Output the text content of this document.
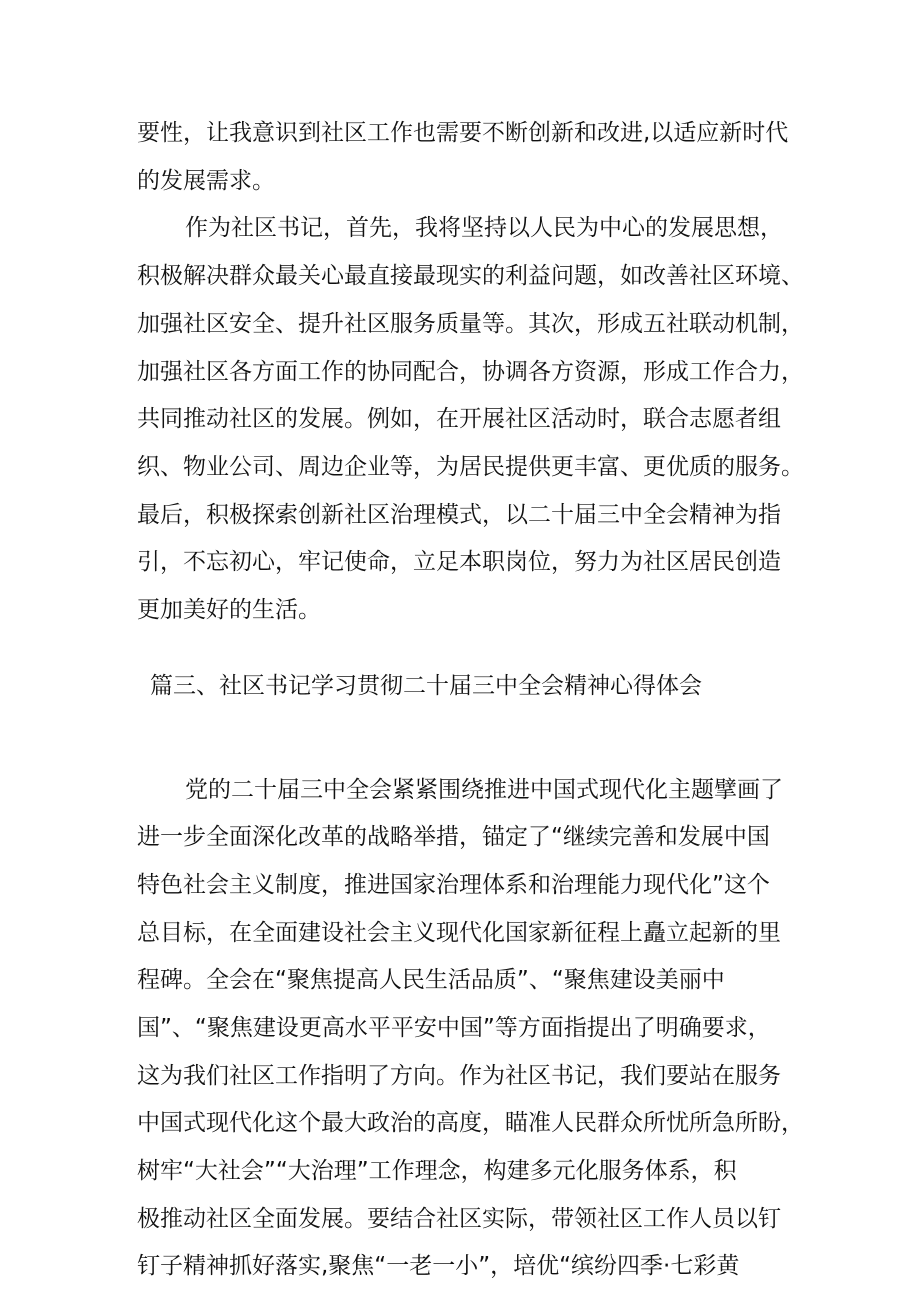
要性，让我意识到社区工作也需要不断创新和改进,以适应新时代
的发展需求。
作为社区书记，首先，我将坚持以人民为中心的发展思想，
积极解决群众最关心最直接最现实的利益问题，如改善社区环境、
加强社区安全、提升社区服务质量等。其次，形成五社联动机制，
加强社区各方面工作的协同配合，协调各方资源，形成工作合力，
共同推动社区的发展。例如，在开展社区活动时，联合志愿者组
织、物业公司、周边企业等，为居民提供更丰富、更优质的服务。
最后，积极探索创新社区治理模式，以二十届三中全会精神为指
引，不忘初心，牢记使命，立足本职岗位，努力为社区居民创造
更加美好的生活。
篇三、社区书记学习贯彻二十届三中全会精神心得体会
党的二十届三中全会紧紧围绕推进中国式现代化主题擘画了
进一步全面深化改革的战略举措，锚定了“继续完善和发展中国
特色社会主义制度，推进国家治理体系和治理能力现代化”这个
总目标，在全面建设社会主义现代化国家新征程上矗立起新的里
程碑。全会在“聚焦提高人民生活品质”、“聚焦建设美丽中
国”、“聚焦建设更高水平平安中国”等方面指提出了明确要求，
这为我们社区工作指明了方向。作为社区书记，我们要站在服务
中国式现代化这个最大政治的高度，瞄准人民群众所忧所急所盼，
树牢“大社会”“大治理”工作理念，构建多元化服务体系，积
极推动社区全面发展。要结合社区实际，带领社区工作人员以钉
钉子精神抓好落实,聚焦“一老一小”，培优“缤纷四季·七彩黄
